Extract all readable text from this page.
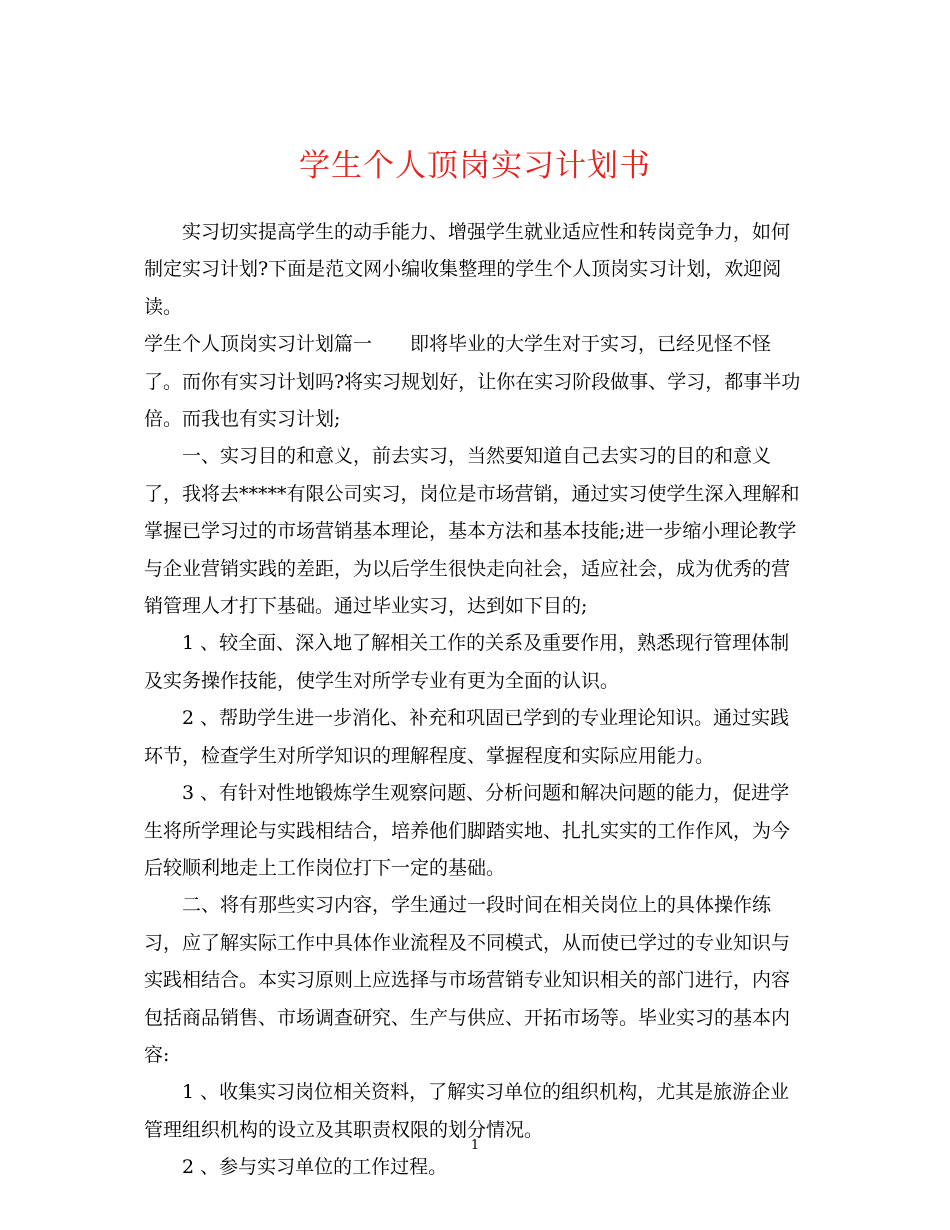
学生个人顶岗实习计划书

实习切实提高学生的动手能力、增强学生就业适应性和转岗竞争力，如何制定实习计划?下面是范文网小编收集整理的学生个人顶岗实习计划，欢迎阅读。

学生个人顶岗实习计划篇一　　即将毕业的大学生对于实习，已经见怪不怪了。而你有实习计划吗?将实习规划好，让你在实习阶段做事、学习，都事半功倍。而我也有实习计划;

一、实习目的和意义，前去实习，当然要知道自己去实习的目的和意义了，我将去*****有限公司实习，岗位是市场营销，通过实习使学生深入理解和掌握已学习过的市场营销基本理论，基本方法和基本技能;进一步缩小理论教学与企业营销实践的差距，为以后学生很快走向社会，适应社会，成为优秀的营销管理人才打下基础。通过毕业实习，达到如下目的;

1 、较全面、深入地了解相关工作的关系及重要作用，熟悉现行管理体制及实务操作技能，使学生对所学专业有更为全面的认识。

2 、帮助学生进一步消化、补充和巩固已学到的专业理论知识。通过实践环节，检查学生对所学知识的理解程度、掌握程度和实际应用能力。

3 、有针对性地锻炼学生观察问题、分析问题和解决问题的能力，促进学生将所学理论与实践相结合，培养他们脚踏实地、扎扎实实的工作作风，为今后较顺利地走上工作岗位打下一定的基础。

二、将有那些实习内容，学生通过一段时间在相关岗位上的具体操作练习，应了解实际工作中具体作业流程及不同模式，从而使已学过的专业知识与实践相结合。本实习原则上应选择与市场营销专业知识相关的部门进行，内容包括商品销售、市场调查研究、生产与供应、开拓市场等。毕业实习的基本内容:

1 、收集实习岗位相关资料，了解实习单位的组织机构，尤其是旅游企业管理组织机构的设立及其职责权限的划分情况。

2 、参与实习单位的工作过程。

1
